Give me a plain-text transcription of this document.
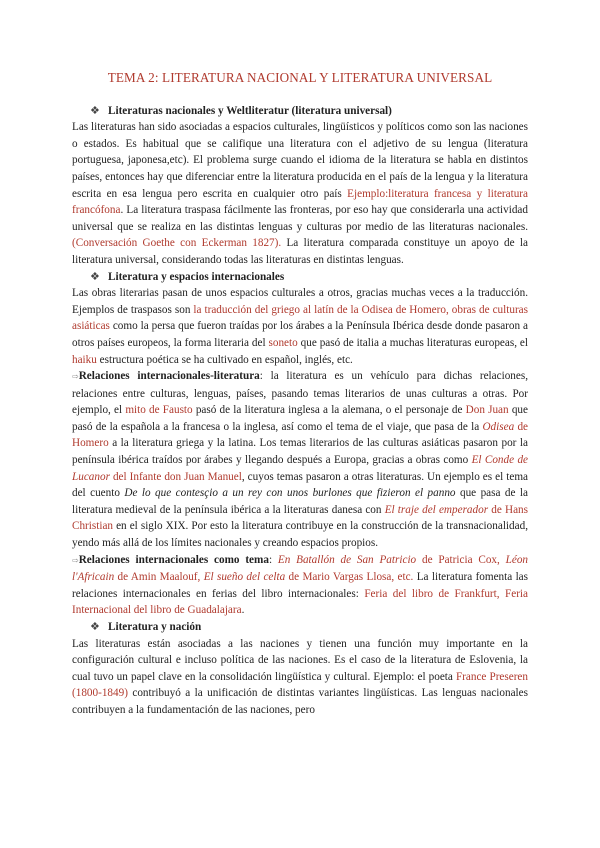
TEMA 2: LITERATURA NACIONAL Y LITERATURA UNIVERSAL
❖ Literaturas nacionales y Weltliteratur (literatura universal)

Las literaturas han sido asociadas a espacios culturales, lingüísticos y políticos como son las naciones o estados. Es habitual que se califique una literatura con el adjetivo de su lengua (literatura portuguesa, japonesa,etc). El problema surge cuando el idioma de la literatura se habla en distintos países, entonces hay que diferenciar entre la literatura producida en el país de la lengua y la literatura escrita en esa lengua pero escrita en cualquier otro país Ejemplo:literatura francesa y literatura francófona. La literatura traspasa fácilmente las fronteras, por eso hay que considerarla una actividad universal que se realiza en las distintas lenguas y culturas por medio de las literaturas nacionales. (Conversación Goethe con Eckerman 1827). La literatura comparada constituye un apoyo de la literatura universal, considerando todas las literaturas en distintas lenguas.

❖ Literatura y espacios internacionales

Las obras literarias pasan de unos espacios culturales a otros, gracias muchas veces a la traducción. Ejemplos de traspasos son la traducción del griego al latín de la Odisea de Homero, obras de culturas asiáticas como la persa que fueron traídas por los árabes a la Península Ibérica desde donde pasaron a otros países europeos, la forma literaria del soneto que pasó de italia a muchas literaturas europeas, el haiku estructura poética se ha cultivado en español, inglés, etc.

⇨Relaciones internacionales-literatura: la literatura es un vehículo para dichas relaciones, relaciones entre culturas, lenguas, países, pasando temas literarios de unas culturas a otras. Por ejemplo, el mito de Fausto pasó de la literatura inglesa a la alemana, o el personaje de Don Juan que pasó de la española a la francesa o la inglesa, así como el tema de el viaje, que pasa de la Odisea de Homero a la literatura griega y la latina. Los temas literarios de las culturas asiáticas pasaron por la península ibérica traídos por árabes y llegando después a Europa, gracias a obras como El Conde de Lucanor del Infante don Juan Manuel, cuyos temas pasaron a otras literaturas. Un ejemplo es el tema del cuento De lo que contesçio a un rey con unos burlones que fizieron el panno que pasa de la literatura medieval de la península ibérica a la literaturas danesa con El traje del emperador de Hans Christian en el siglo XIX. Por esto la literatura contribuye en la construcción de la transnacionalidad, yendo más allá de los límites nacionales y creando espacios propios.

⇨Relaciones internacionales como tema: En Batallón de San Patricio de Patricia Cox, Léon l'Africain de Amin Maalouf, El sueño del celta de Mario Vargas Llosa, etc. La literatura fomenta las relaciones internacionales en ferias del libro internacionales: Feria del libro de Frankfurt, Feria Internacional del libro de Guadalajara.

❖ Literatura y nación

Las literaturas están asociadas a las naciones y tienen una función muy importante en la configuración cultural e incluso política de las naciones. Es el caso de la literatura de Eslovenia, la cual tuvo un papel clave en la consolidación lingüística y cultural. Ejemplo: el poeta France Preseren (1800-1849) contribuyó a la unificación de distintas variantes lingüísticas. Las lenguas nacionales contribuyen a la fundamentación de las naciones, pero
